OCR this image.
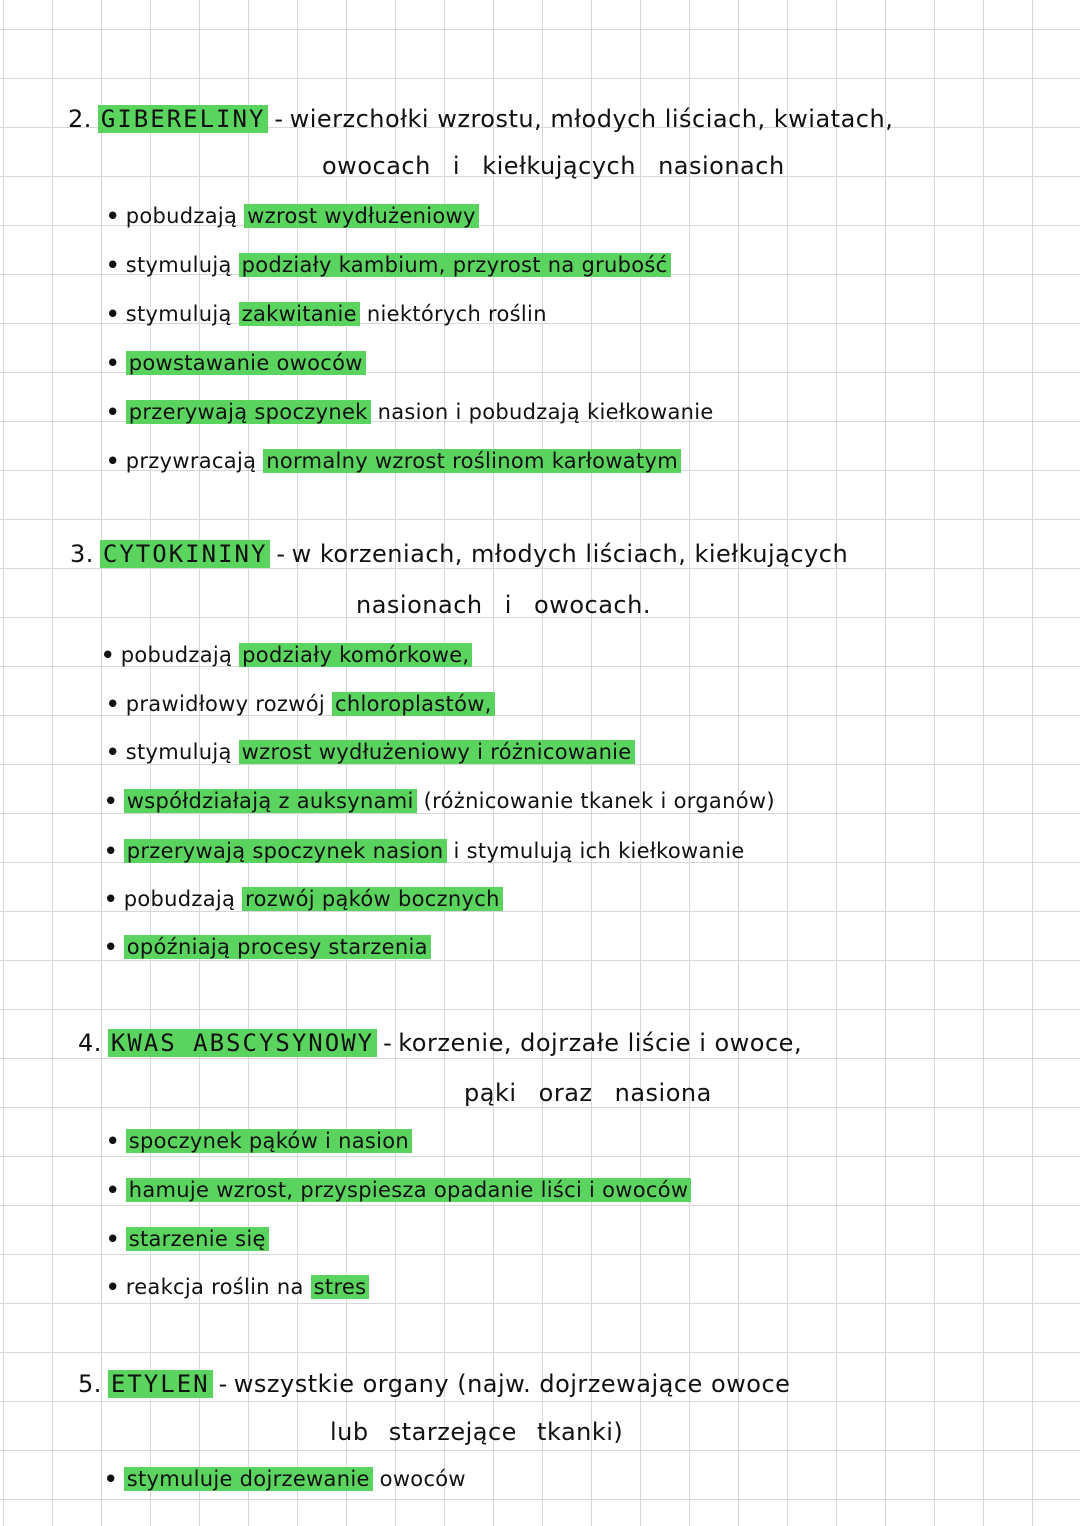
2. GIBERELINY - wierzchołki wzrostu, młodych liściach, kwiatach,
owocach i kiełkujących nasionach
• pobudzają wzrost wydłużeniowy
• stymulują podziały kambium, przyrost na grubość
• stymulują zakwitanie niektórych roślin
• powstawanie owoców
• przerywają spoczynek nasion i pobudzają kiełkowanie
• przywracają normalny wzrost roślinom karłowatym
3. CYTOKININY - w korzeniach, młodych liściach, kiełkujących
nasionach i owocach.
• pobudzają podziały komórkowe,
• prawidłowy rozwój chloroplastów,
• stymulują wzrost wydłużeniowy i różnicowanie
• współdziałają z auksynami (różnicowanie tkanek i organów)
• przerywają spoczynek nasion i stymulują ich kiełkowanie
• pobudzają rozwój pąków bocznych
• opóźniają procesy starzenia
4. KWAS ABSCYSYNOWY - korzenie, dojrzałe liście i owoce,
pąki oraz nasiona
• spoczynek pąków i nasion
• hamuje wzrost, przyspiesza opadanie liści i owoców
• starzenie się
• reakcja roślin na stres
5. ETYLEN - wszystkie organy (najw. dojrzewające owoce
lub starzejące tkanki)
• stymuluje dojrzewanie owoców
